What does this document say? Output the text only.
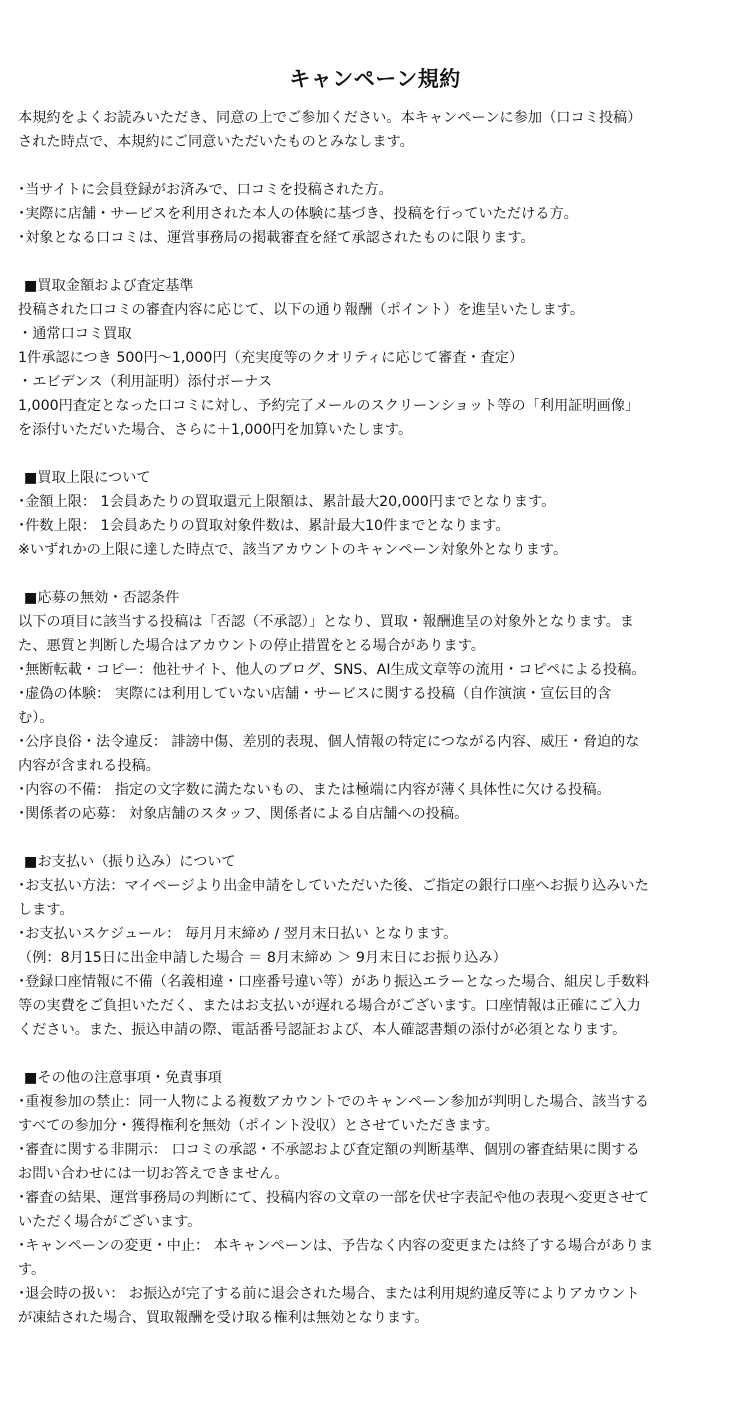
キャンペーン規約

本規約をよくお読みいただき、同意の上でご参加ください。本キャンペーンに参加（口コミ投稿）

された時点で、本規約にご同意いただいたものとみなします。

･当サイトに会員登録がお済みで、口コミを投稿された方。

･実際に店舗・サービスを利用された本人の体験に基づき、投稿を行っていただける方。

･対象となる口コミは、運営事務局の掲載審査を経て承認されたものに限ります。

■買取金額および査定基準

投稿された口コミの審査内容に応じて、以下の通り報酬（ポイント）を進呈いたします。

・通常口コミ買取

1件承認につき 500円〜1,000円（充実度等のクオリティに応じて審査・査定）

・エビデンス（利用証明）添付ボーナス

1,000円査定となった口コミに対し、予約完了メールのスクリーンショット等の「利用証明画像」

を添付いただいた場合、さらに＋1,000円を加算いたします。

■買取上限について

･金額上限： 1会員あたりの買取還元上限額は、累計最大20,000円までとなります。

･件数上限： 1会員あたりの買取対象件数は、累計最大10件までとなります。

※いずれかの上限に達した時点で、該当アカウントのキャンペーン対象外となります。

■応募の無効・否認条件

以下の項目に該当する投稿は「否認（不承認）」となり、買取・報酬進呈の対象外となります。ま

た、悪質と判断した場合はアカウントの停止措置をとる場合があります。

･無断転載・コピー：他社サイト、他人のブログ、SNS、AI生成文章等の流用・コピペによる投稿。

･虚偽の体験： 実際には利用していない店舗・サービスに関する投稿（自作演演・宣伝目的含

む）。

･公序良俗・法令違反： 誹謗中傷、差別的表現、個人情報の特定につながる内容、威圧・脅迫的な

内容が含まれる投稿。

･内容の不備： 指定の文字数に満たないもの、または極端に内容が薄く具体性に欠ける投稿。

･関係者の応募： 対象店舗のスタッフ、関係者による自店舗への投稿。

■お支払い（振り込み）について

･お支払い方法：マイページより出金申請をしていただいた後、ご指定の銀行口座へお振り込みいた

します。

･お支払いスケジュール： 毎月月末締め / 翌月末日払い となります。

（例：8月15日に出金申請した場合 ＝ 8月末締め ＞ 9月末日にお振り込み）

･登録口座情報に不備（名義相違・口座番号違い等）があり振込エラーとなった場合、組戻し手数料

等の実費をご負担いただく、またはお支払いが遅れる場合がございます。口座情報は正確にご入力

ください。また、振込申請の際、電話番号認証および、本人確認書類の添付が必須となります。

■その他の注意事項・免責事項

･重複参加の禁止：同一人物による複数アカウントでのキャンペーン参加が判明した場合、該当する

すべての参加分・獲得権利を無効（ポイント没収）とさせていただきます。

･審査に関する非開示： 口コミの承認・不承認および査定額の判断基準、個別の審査結果に関する

お問い合わせには一切お答えできません。

･審査の結果、運営事務局の判断にて、投稿内容の文章の一部を伏せ字表記や他の表現へ変更させて

いただく場合がございます。

･キャンペーンの変更・中止： 本キャンペーンは、予告なく内容の変更または終了する場合がありま

す。

･退会時の扱い： お振込が完了する前に退会された場合、または利用規約違反等によりアカウント

が凍結された場合、買取報酬を受け取る権利は無効となります。
